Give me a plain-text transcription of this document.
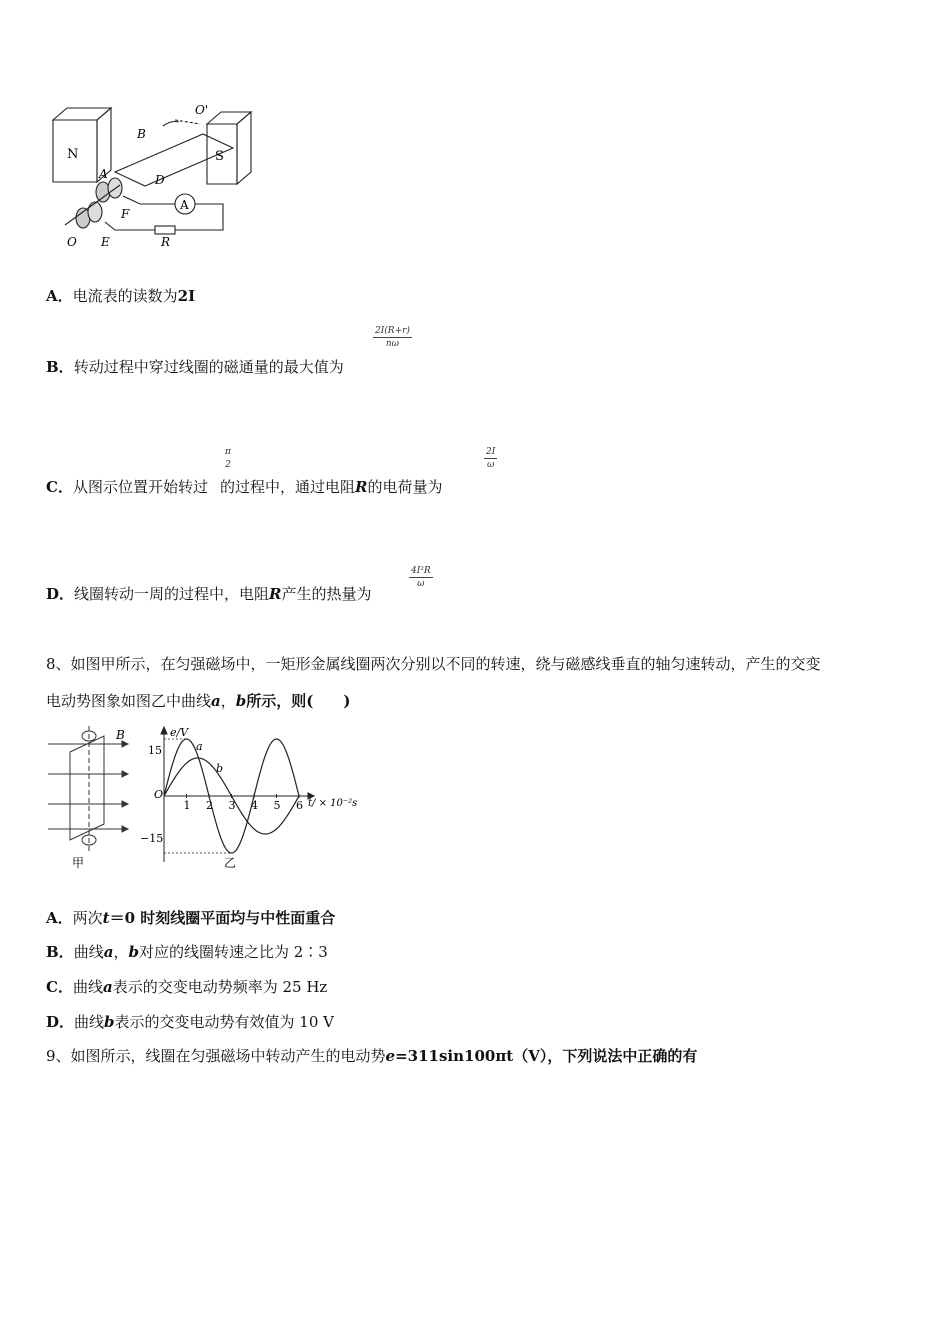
N	S
O'
B
A	D
A
F
O E	R
A．电流表的读数为2I
B．转动过程中穿过线圈的磁通量的最大值为
2I(R+r)
nω
C．从图示位置开始转过 的过程中，通过电阻R的电荷量为
π
2
2I
ω
D．线圈转动一周的过程中，电阻R产生的热量为
4I²R
ω
8、如图甲所示，在匀强磁场中，一矩形金属线圈两次分别以不同的转速，绕与磁感线垂直的轴匀速转动，产生的交变
电动势图象如图乙中曲线a，b所示，则(　　)
B
甲
1 2 3 4 5 6
e/V
15
−15
O
t/ × 10⁻²s
a
b
乙
A．两次t＝0 时刻线圈平面均与中性面重合
B．曲线a，b对应的线圈转速之比为 2∶3
C．曲线a表示的交变电动势频率为 25 Hz
D．曲线b表示的交变电动势有效值为 10 V
9、如图所示，线圈在匀强磁场中转动产生的电动势e=311sin100πt（V），下列说法中正确的有
